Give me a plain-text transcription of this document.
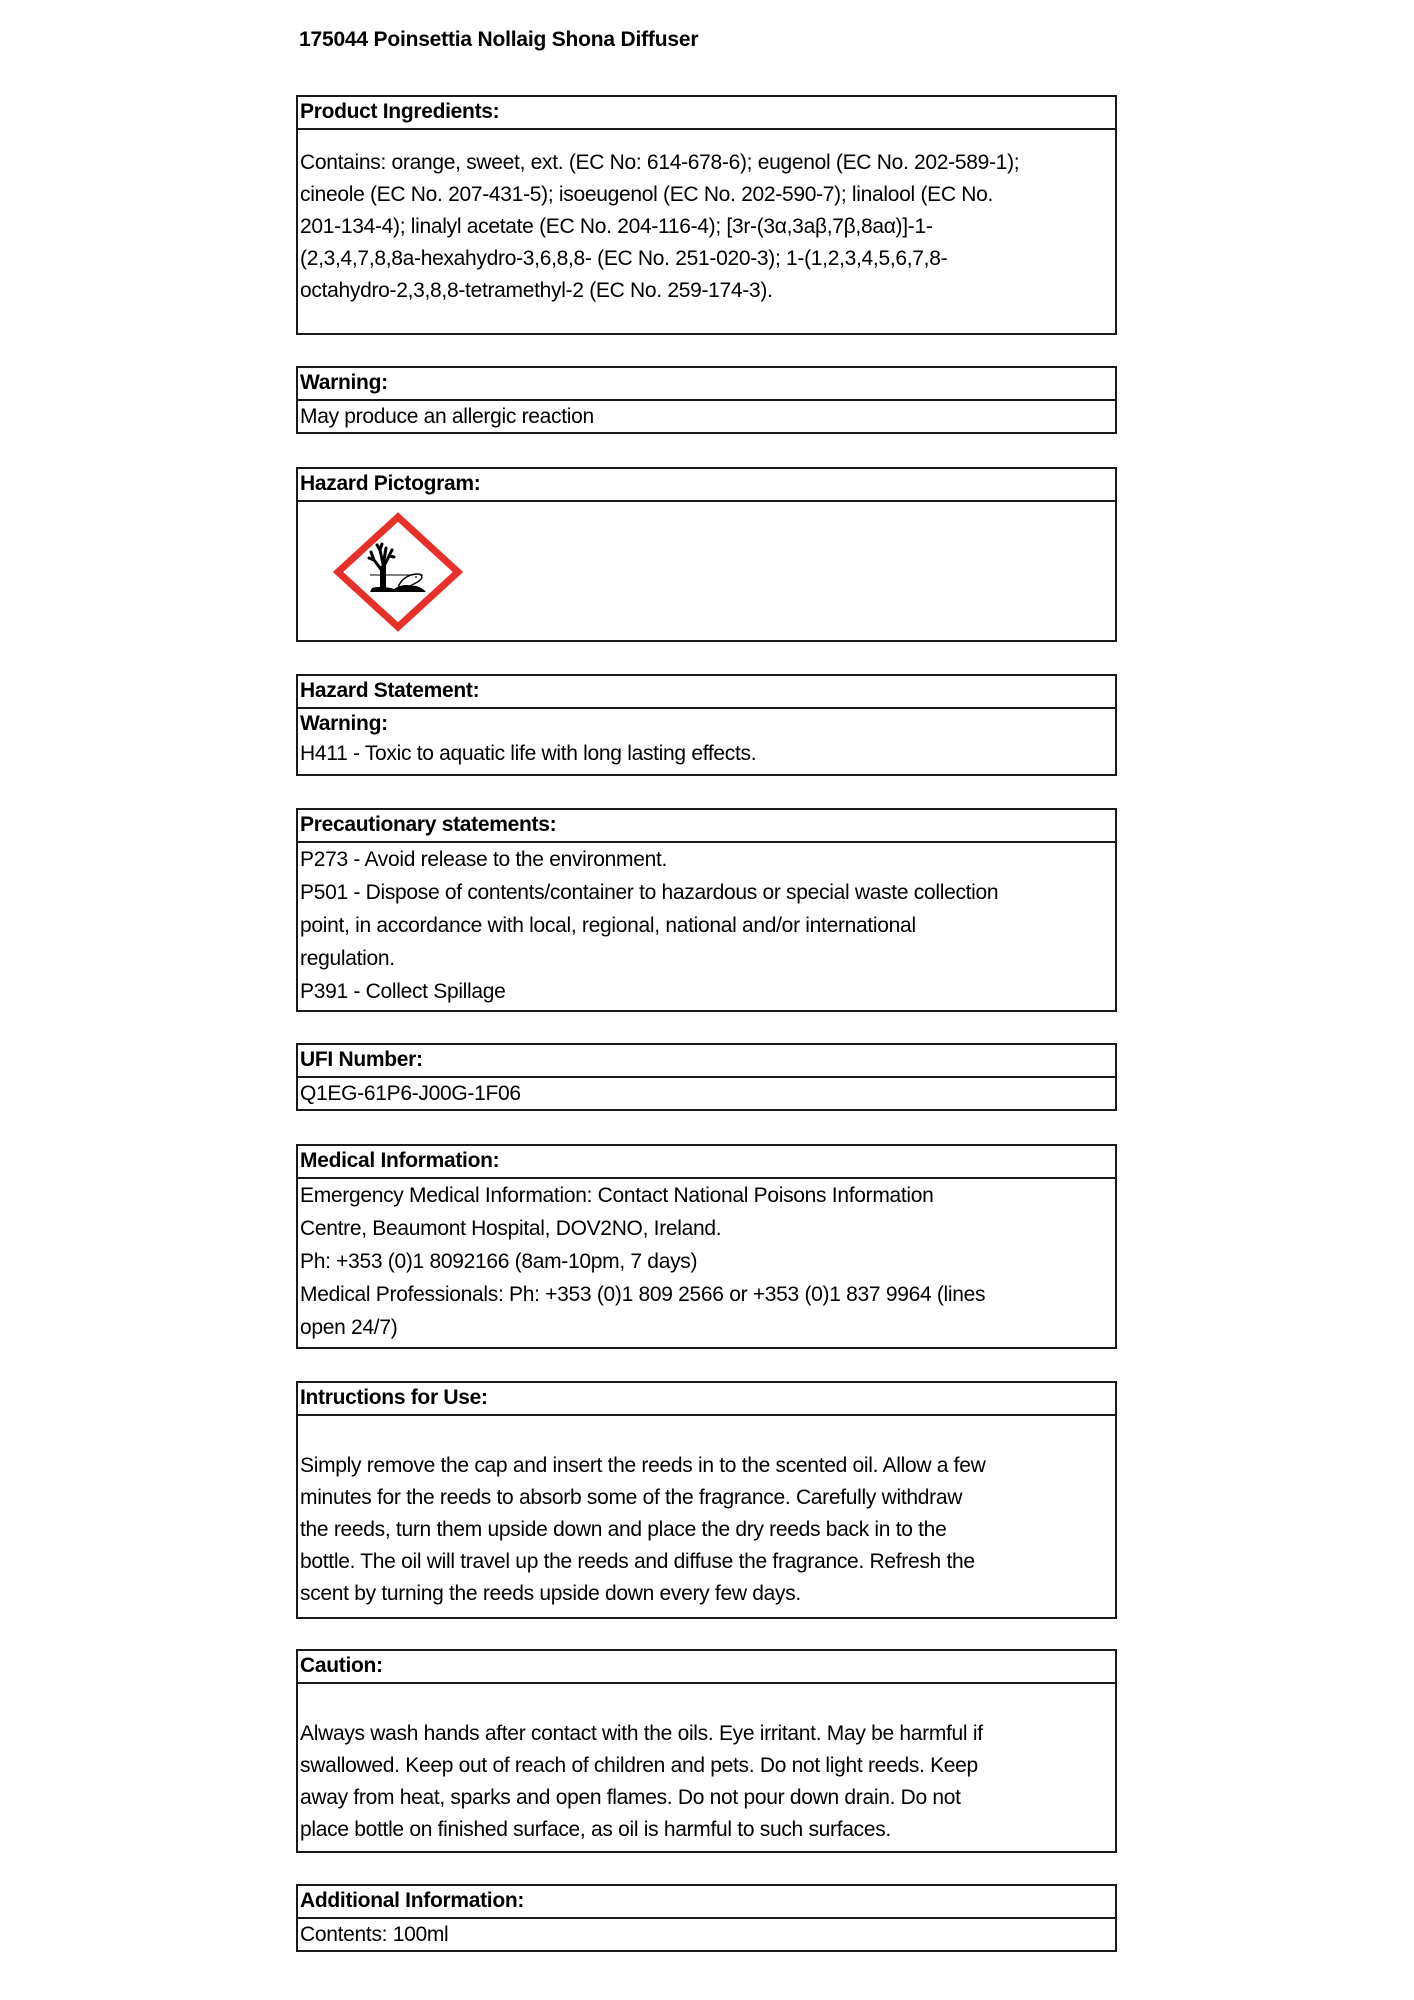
175044 Poinsettia Nollaig Shona Diffuser
Product Ingredients:

Contains: orange, sweet, ext. (EC No: 614-678-6); eugenol (EC No. 202-589-1);

cineole (EC No. 207-431-5); isoeugenol (EC No. 202-590-7); linalool (EC No.

201-134-4); linalyl acetate (EC No. 204-116-4); [3r-(3α,3aβ,7β,8aα)]-1-

(2,3,4,7,8,8a-hexahydro-3,6,8,8- (EC No. 251-020-3); 1-(1,2,3,4,5,6,7,8-

octahydro-2,3,8,8-tetramethyl-2 (EC No. 259-174-3).

Warning:
May produce an allergic reaction
Hazard Pictogram:
Hazard Statement:

Warning:

H411 - Toxic to aquatic life with long lasting effects.

Precautionary statements:

P273 - Avoid release to the environment.

P501 - Dispose of contents/container to hazardous or special waste collection

point, in accordance with local, regional, national and/or international

regulation.

P391 - Collect Spillage

UFI Number:
Q1EG-61P6-J00G-1F06
Medical Information:

Emergency Medical Information: Contact National Poisons Information

Centre, Beaumont Hospital, DOV2NO, Ireland.

Ph: +353 (0)1 8092166 (8am-10pm, 7 days)

Medical Professionals: Ph: +353 (0)1 809 2566 or +353 (0)1 837 9964 (lines

open 24/7)

Intructions for Use:

Simply remove the cap and insert the reeds in to the scented oil. Allow a few

minutes for the reeds to absorb some of the fragrance. Carefully withdraw

the reeds, turn them upside down and place the dry reeds back in to the

bottle. The oil will travel up the reeds and diffuse the fragrance. Refresh the

scent by turning the reeds upside down every few days.

Caution:

Always wash hands after contact with the oils. Eye irritant. May be harmful if

swallowed. Keep out of reach of children and pets. Do not light reeds. Keep

away from heat, sparks and open flames. Do not pour down drain. Do not

place bottle on finished surface, as oil is harmful to such surfaces.

Additional Information:
Contents: 100ml
